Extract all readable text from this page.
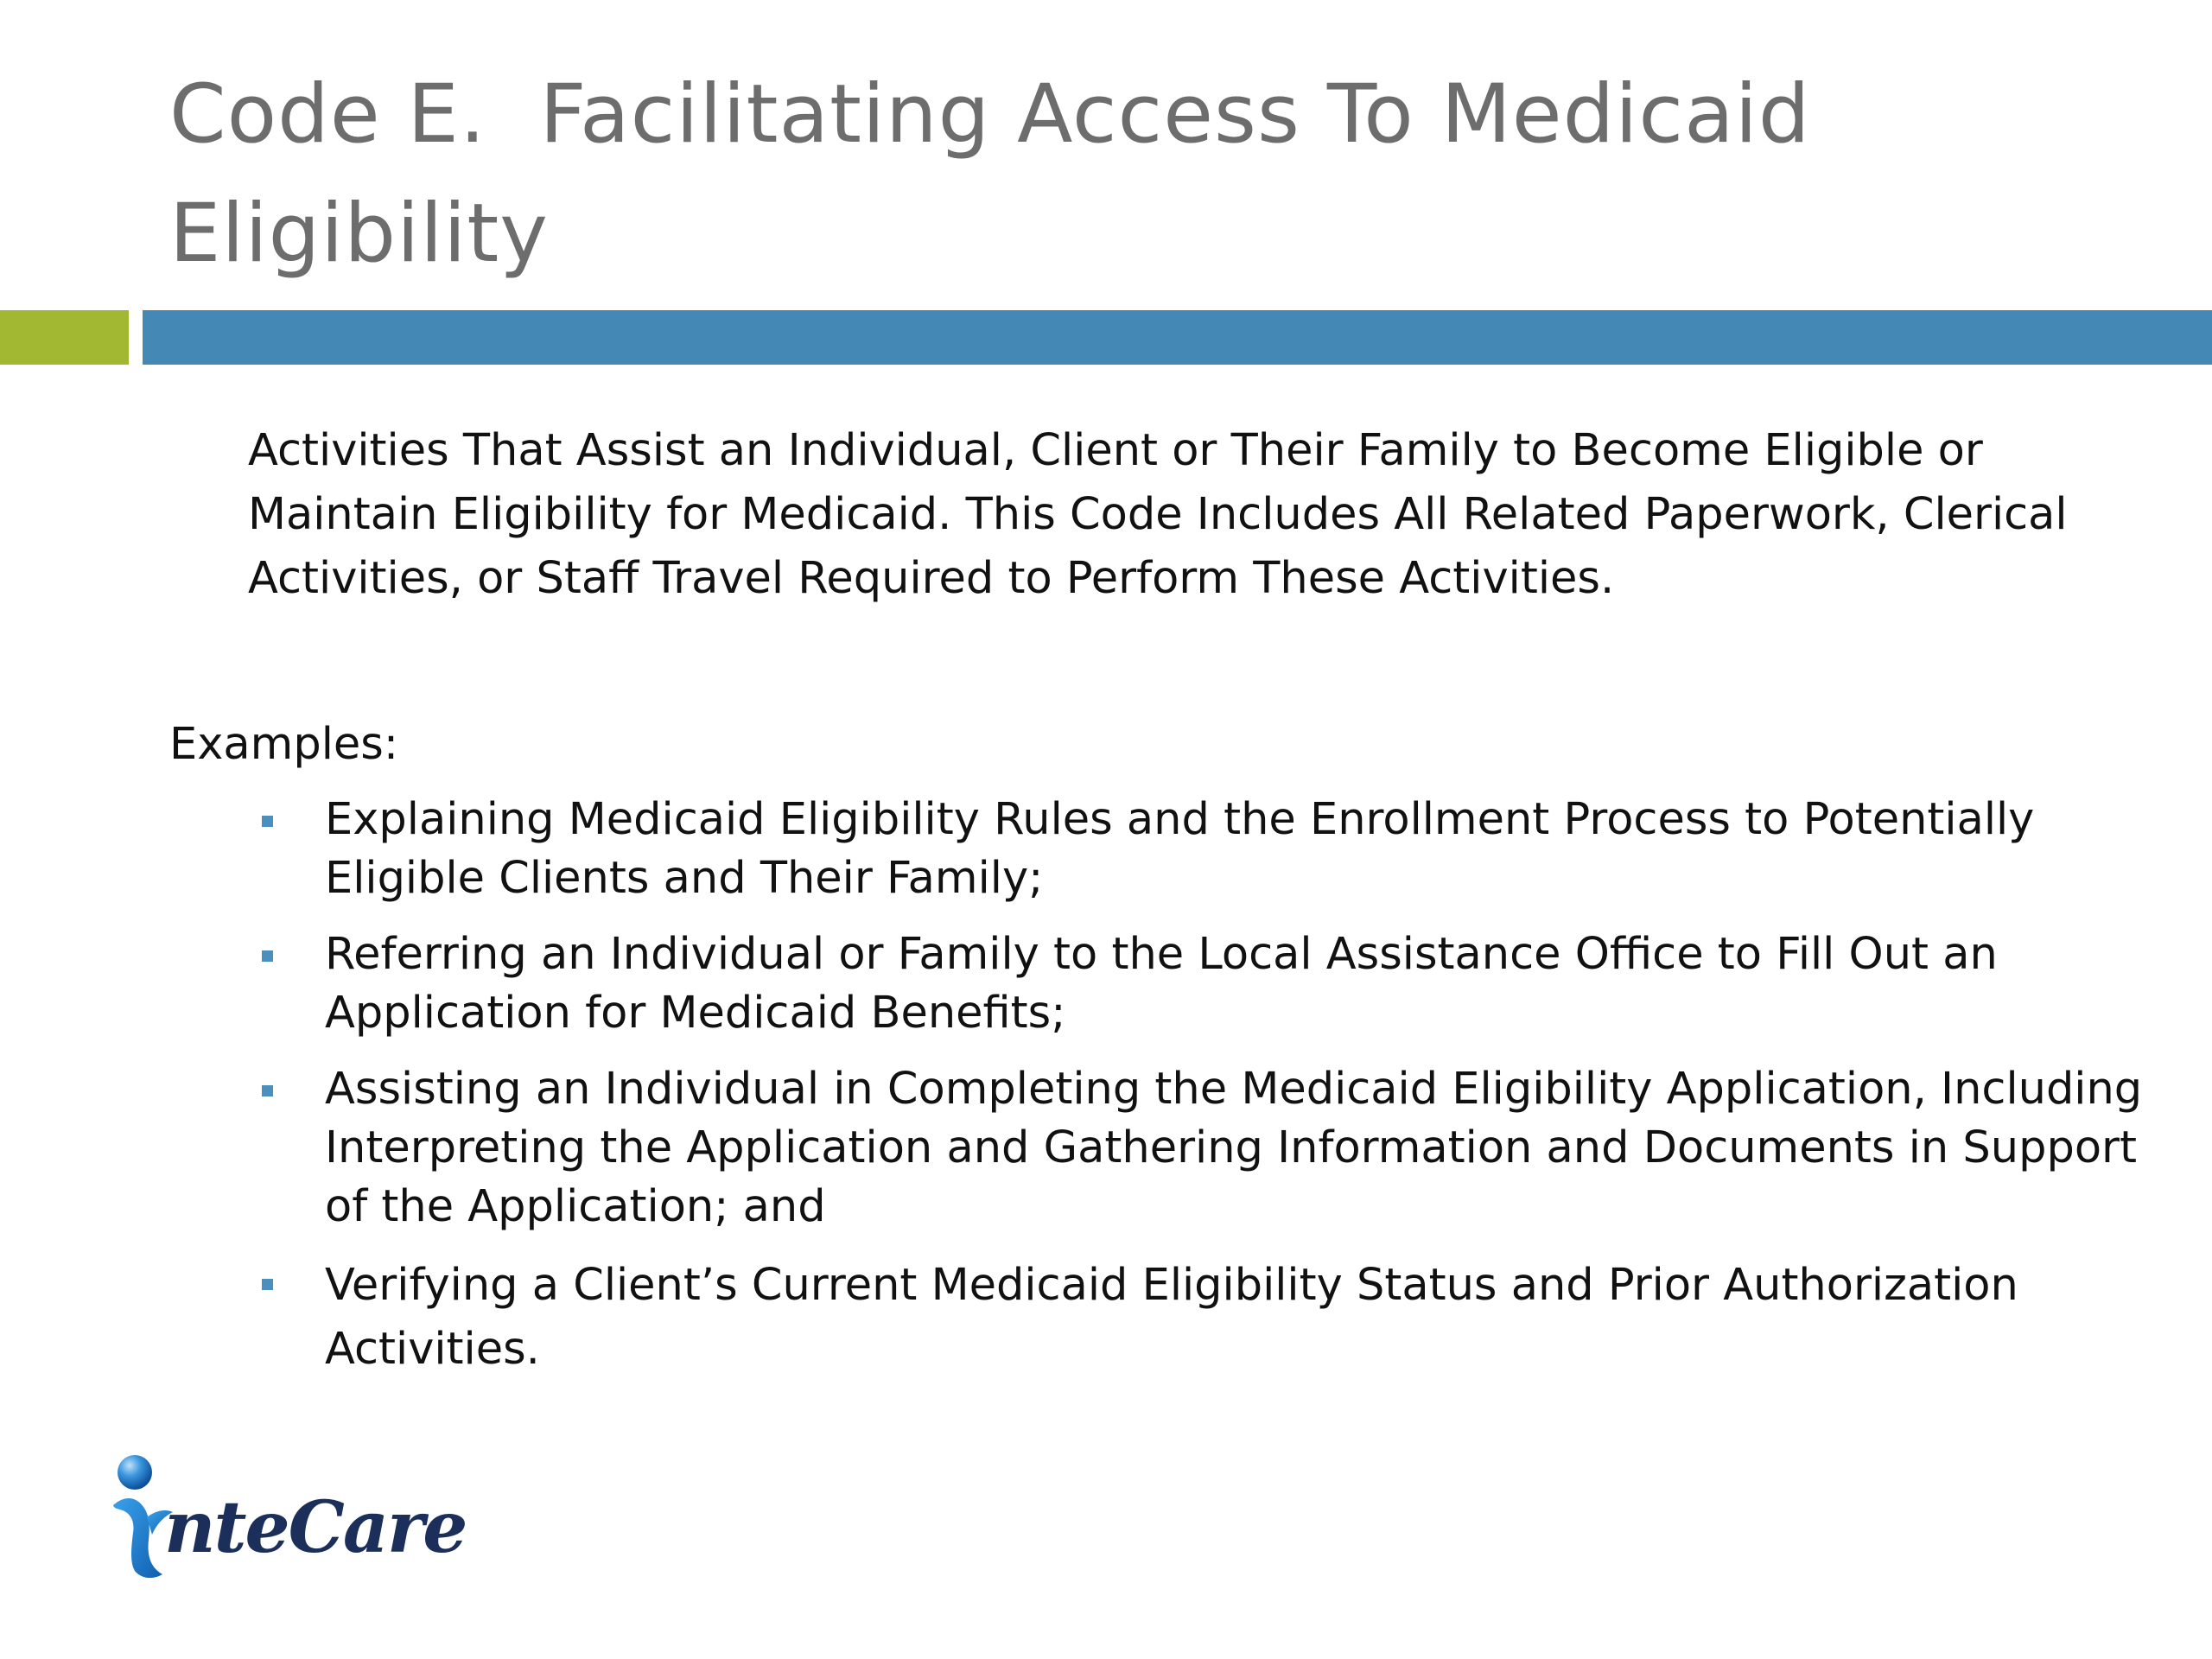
Code E.  Facilitating Access To Medicaid
Eligibility

Activities That Assist an Individual, Client or Their Family to Become Eligible or Maintain Eligibility for Medicaid. This Code Includes All Related Paperwork, Clerical Activities, or Staff Travel Required to Perform These Activities.

Examples:

Explaining Medicaid Eligibility Rules and the Enrollment Process to Potentially Eligible Clients and Their Family;
Referring an Individual or Family to the Local Assistance Office to Fill Out an Application for Medicaid Benefits;
Assisting an Individual in Completing the Medicaid Eligibility Application, Including Interpreting the Application and Gathering Information and Documents in Support of the Application; and
Verifying a Client’s Current Medicaid Eligibility Status and Prior Authorization Activities.
nteCare
